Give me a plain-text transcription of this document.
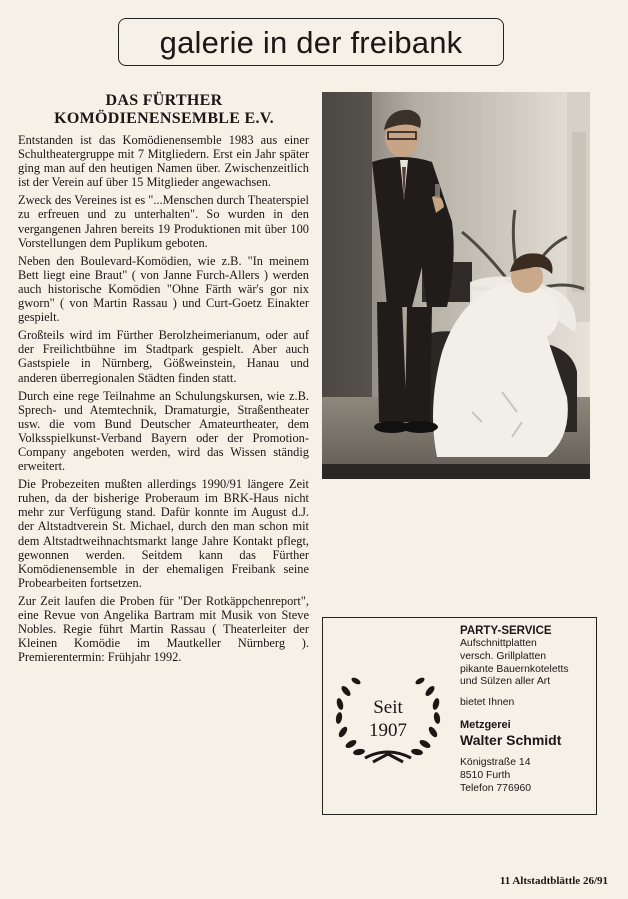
galerie in der freibank
DAS FÜRTHER
KOMÖDIENENSEMBLE E.V.

Entstanden ist das Komödienensemble 1983 aus einer Schultheatergruppe mit 7 Mitgliedern. Erst ein Jahr später ging man auf den heutigen Namen über. Zwischenzeitlich ist der Verein auf über 15 Mitglieder angewachsen.

Zweck des Vereines ist es "...Menschen durch Theaterspiel zu erfreuen und zu unterhalten". So wurden in den vergangenen Jahren bereits 19 Produktionen mit über 100 Vorstellungen dem Puplikum geboten.

Neben den Boulevard-Komödien, wie z.B. "In meinem Bett liegt eine Braut" ( von Janne Furch-Allers ) werden auch historische Komödien "Ohne Färth wär's gor nix gworn" ( von Martin Rassau ) und Curt-Goetz Einakter gespielt.

Großteils wird im Fürther Berolzheimerianum, oder auf der Freilichtbühne im Stadtpark gespielt. Aber auch Gastspiele in Nürnberg, Gößweinstein, Hanau und anderen überregionalen Städten finden statt.

Durch eine rege Teilnahme an Schulungskursen, wie z.B. Sprech- und Atemtechnik, Dramaturgie, Straßentheater usw. die vom Bund Deutscher Amateurtheater, dem Volksspielkunst-Verband Bayern oder der Promotion-Company angeboten werden, wird das Wissen ständig erweitert.

Die Probezeiten mußten allerdings 1990/91 längere Zeit ruhen, da der bisherige Proberaum im BRK-Haus nicht mehr zur Verfügung stand. Dafür konnte im August d.J. der Altstadtverein St. Michael, durch den man schon mit dem Altstadtweihnachtsmarkt lange Jahre Kontakt pflegt, gewonnen werden. Seitdem kann das Fürther Komödienensemble in der ehemaligen Freibank seine Probearbeiten fortsetzen.

Zur Zeit laufen die Proben für "Der Rotkäppchenreport", eine Revue von Angelika Bartram mit Musik von Steve Nobles. Regie führt Martin Rassau ( Theaterleiter der Kleinen Komödie im Mautkeller Nürnberg ). Premierentermin: Frühjahr 1992.

Seit
1907
PARTY-SERVICE
Aufschnittplatten
versch. Grillplatten
pikante Bauernkoteletts
und Sülzen aller Art
bietet Ihnen
Metzgerei
Walter Schmidt
Königstraße 14
8510 Furth
Telefon 776960
11 Altstadtblättle 26/91
